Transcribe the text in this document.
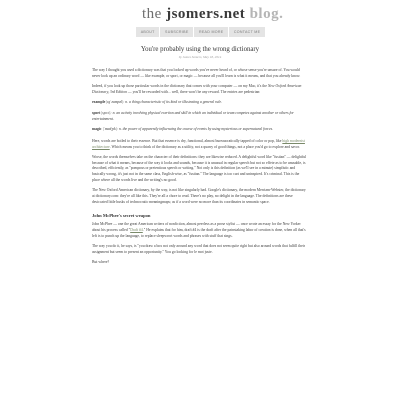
the jsomers.net blog.
ABOUT	SUBSCRIBE	READ MORE	CONTACT ME
You're probably using the wrong dictionary
by James Somers, May 18, 2014

The way I thought you used a dictionary was that you looked up words you've never heard of, or whose sense you're unsure of. You would never look up an ordinary word — like example, or sport, or magic — because all you'll learn is what it means, and that you already know.

Indeed, if you look up those particular words in the dictionary that comes with your computer — on my Mac, it's the New Oxford American Dictionary, 3rd Edition — you'll be rewarded with... well, there won't be any reward. The entries are pedestrian:

example |ɪɡˈzampəl|: n. a thing characteristic of its kind or illustrating a general rule.

sport |spɔːt|: n. an activity involving physical exertion and skill in which an individual or team competes against another or others for entertainment.

magic |ˈmadʒɪk|: n. the power of apparently influencing the course of events by using mysterious or supernatural forces.

Here, words are boiled to their essence. But that essence is dry, functional, almost bureaucratically tapped of color or pop, like high modernist architecture. Which means you to think of the dictionary as a utility, not a quarry of good things, not a place you'd go to explore and savor.

Worse, the words themselves take on the character of their definitions: they are likewise reduced. A delightful word like "fustian" — delightful because of what it means, because of the way it looks and sounds, because it is unusual in regular speech but not so effete as to be unusable, is described, efficiently, as "pompous or pretentious speech or writing." Not only is this definition (as we'll see in a minute) simplistic and basically wrong, it's just not in the same class, English-wise, as "fustian." The language is too curt and uninspired. It's criminal. This is the place where all the words live and the writing's no good.

The New Oxford American dictionary, by the way, is not like singularly bad. Google's dictionary, the modern Merriam-Webster, the dictionary at dictionary.com: they're all like this. They're all a chore to read. There's no play, no delight in the language. The definitions are these desiccated little husks of technocratic meaningmaps; as if a word were no more than its coordinates in semantic space.

John McPhee's secret weapon

John McPhee — one the great American writers of nonfiction, almost peerless as a prose stylist — once wrote an essay for the New Yorker about his process called "Draft #4." He explains that for him, draft #4 is the draft after the painstaking labor of creation is done, when all that's left is to punch up the language, to replace sleepwrort words and phrases with stuff that sings.

The way you do it, he says, is "you draw a box not only around any word that does not seem quite right but also around words that fulfill their assignment but seem to present an opportunity." You go looking for le mot juste.

But where?
